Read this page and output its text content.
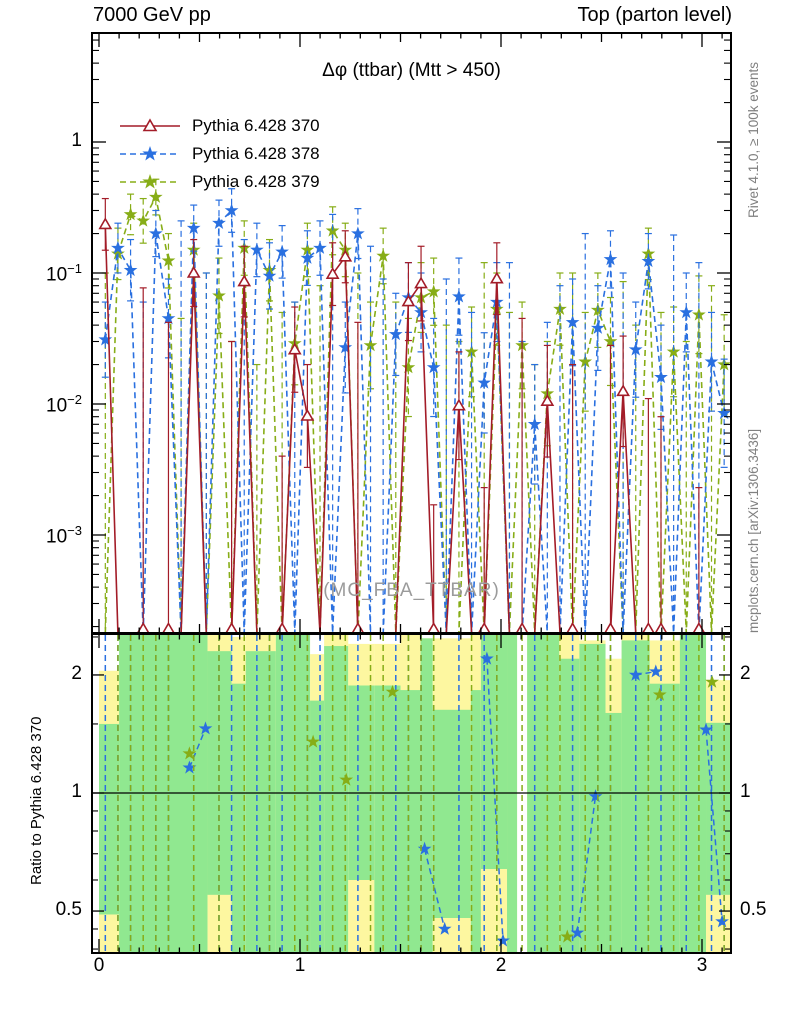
7000 GeV pp	Top (parton level)
Δφ (ttbar) (Mtt > 450)
Pythia 6.428 370
Pythia 6.428 378
Pythia 6.428 379
(MC_FBA_TTBAR)
Rivet 4.1.0, ≥ 100k events
mcplots.cern.ch [arXiv:1306.3436]
Ratio to Pythia 6.428 370
1
$10^{-1}$
$10^{-2}$
$10^{-3}$
2	2
1	1
0.5	0.5
0	1	2	3
